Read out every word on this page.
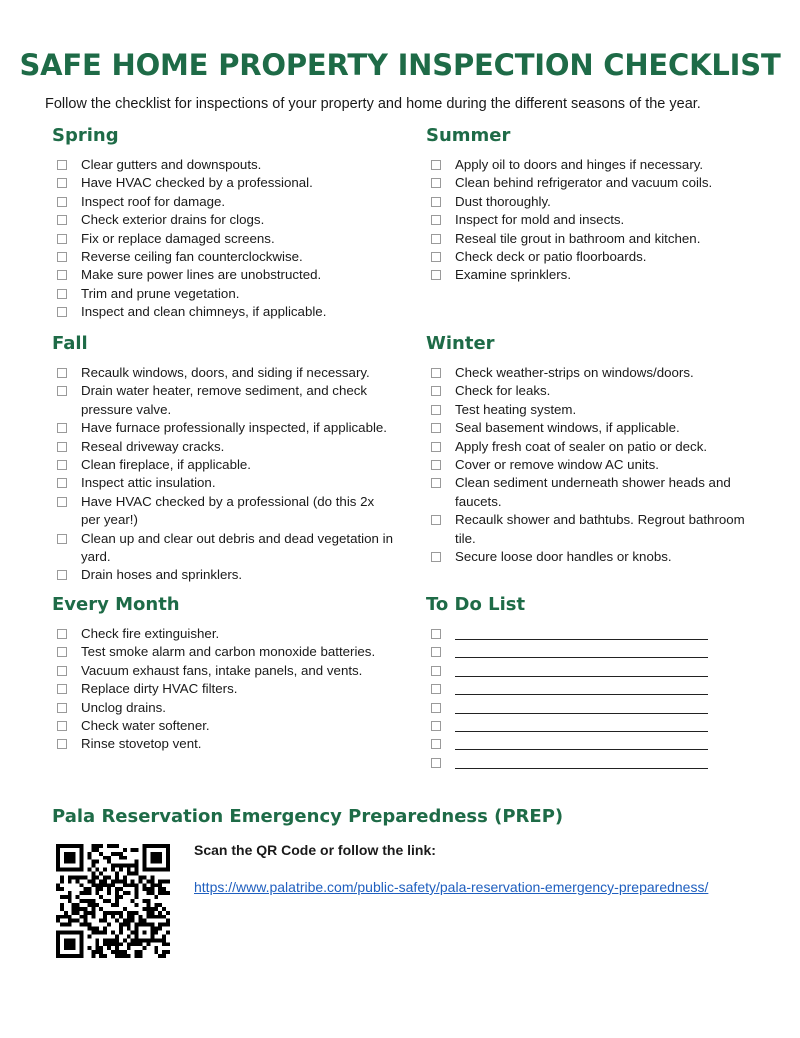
SAFE HOME PROPERTY INSPECTION CHECKLIST
Follow the checklist for inspections of your property and home during the different seasons of the year.
Spring
Clear gutters and downspouts.
Have HVAC checked by a professional.
Inspect roof for damage.
Check exterior drains for clogs.
Fix or replace damaged screens.
Reverse ceiling fan counterclockwise.
Make sure power lines are unobstructed.
Trim and prune vegetation.
Inspect and clean chimneys, if applicable.
Summer
Apply oil to doors and hinges if necessary.
Clean behind refrigerator and vacuum coils.
Dust thoroughly.
Inspect for mold and insects.
Reseal tile grout in bathroom and kitchen.
Check deck or patio floorboards.
Examine sprinklers.
Fall
Recaulk windows, doors, and siding if necessary.
Drain water heater, remove sediment, and check pressure valve.
Have furnace professionally inspected, if applicable.
Reseal driveway cracks.
Clean fireplace, if applicable.
Inspect attic insulation.
Have HVAC checked by a professional (do this 2x per year!)
Clean up and clear out debris and dead vegetation in yard.
Drain hoses and sprinklers.
Winter
Check weather-strips on windows/doors.
Check for leaks.
Test heating system.
Seal basement windows, if applicable.
Apply fresh coat of sealer on patio or deck.
Cover or remove window AC units.
Clean sediment underneath shower heads and faucets.
Recaulk shower and bathtubs. Regrout bathroom tile.
Secure loose door handles or knobs.
Every Month
Check fire extinguisher.
Test smoke alarm and carbon monoxide batteries.
Vacuum exhaust fans, intake panels, and vents.
Replace dirty HVAC filters.
Unclog drains.
Check water softener.
Rinse stovetop vent.
To Do List
Pala Reservation Emergency Preparedness (PREP)
Scan the QR Code or follow the link:
https://www.palatribe.com/public-safety/pala-reservation-emergency-preparedness/
